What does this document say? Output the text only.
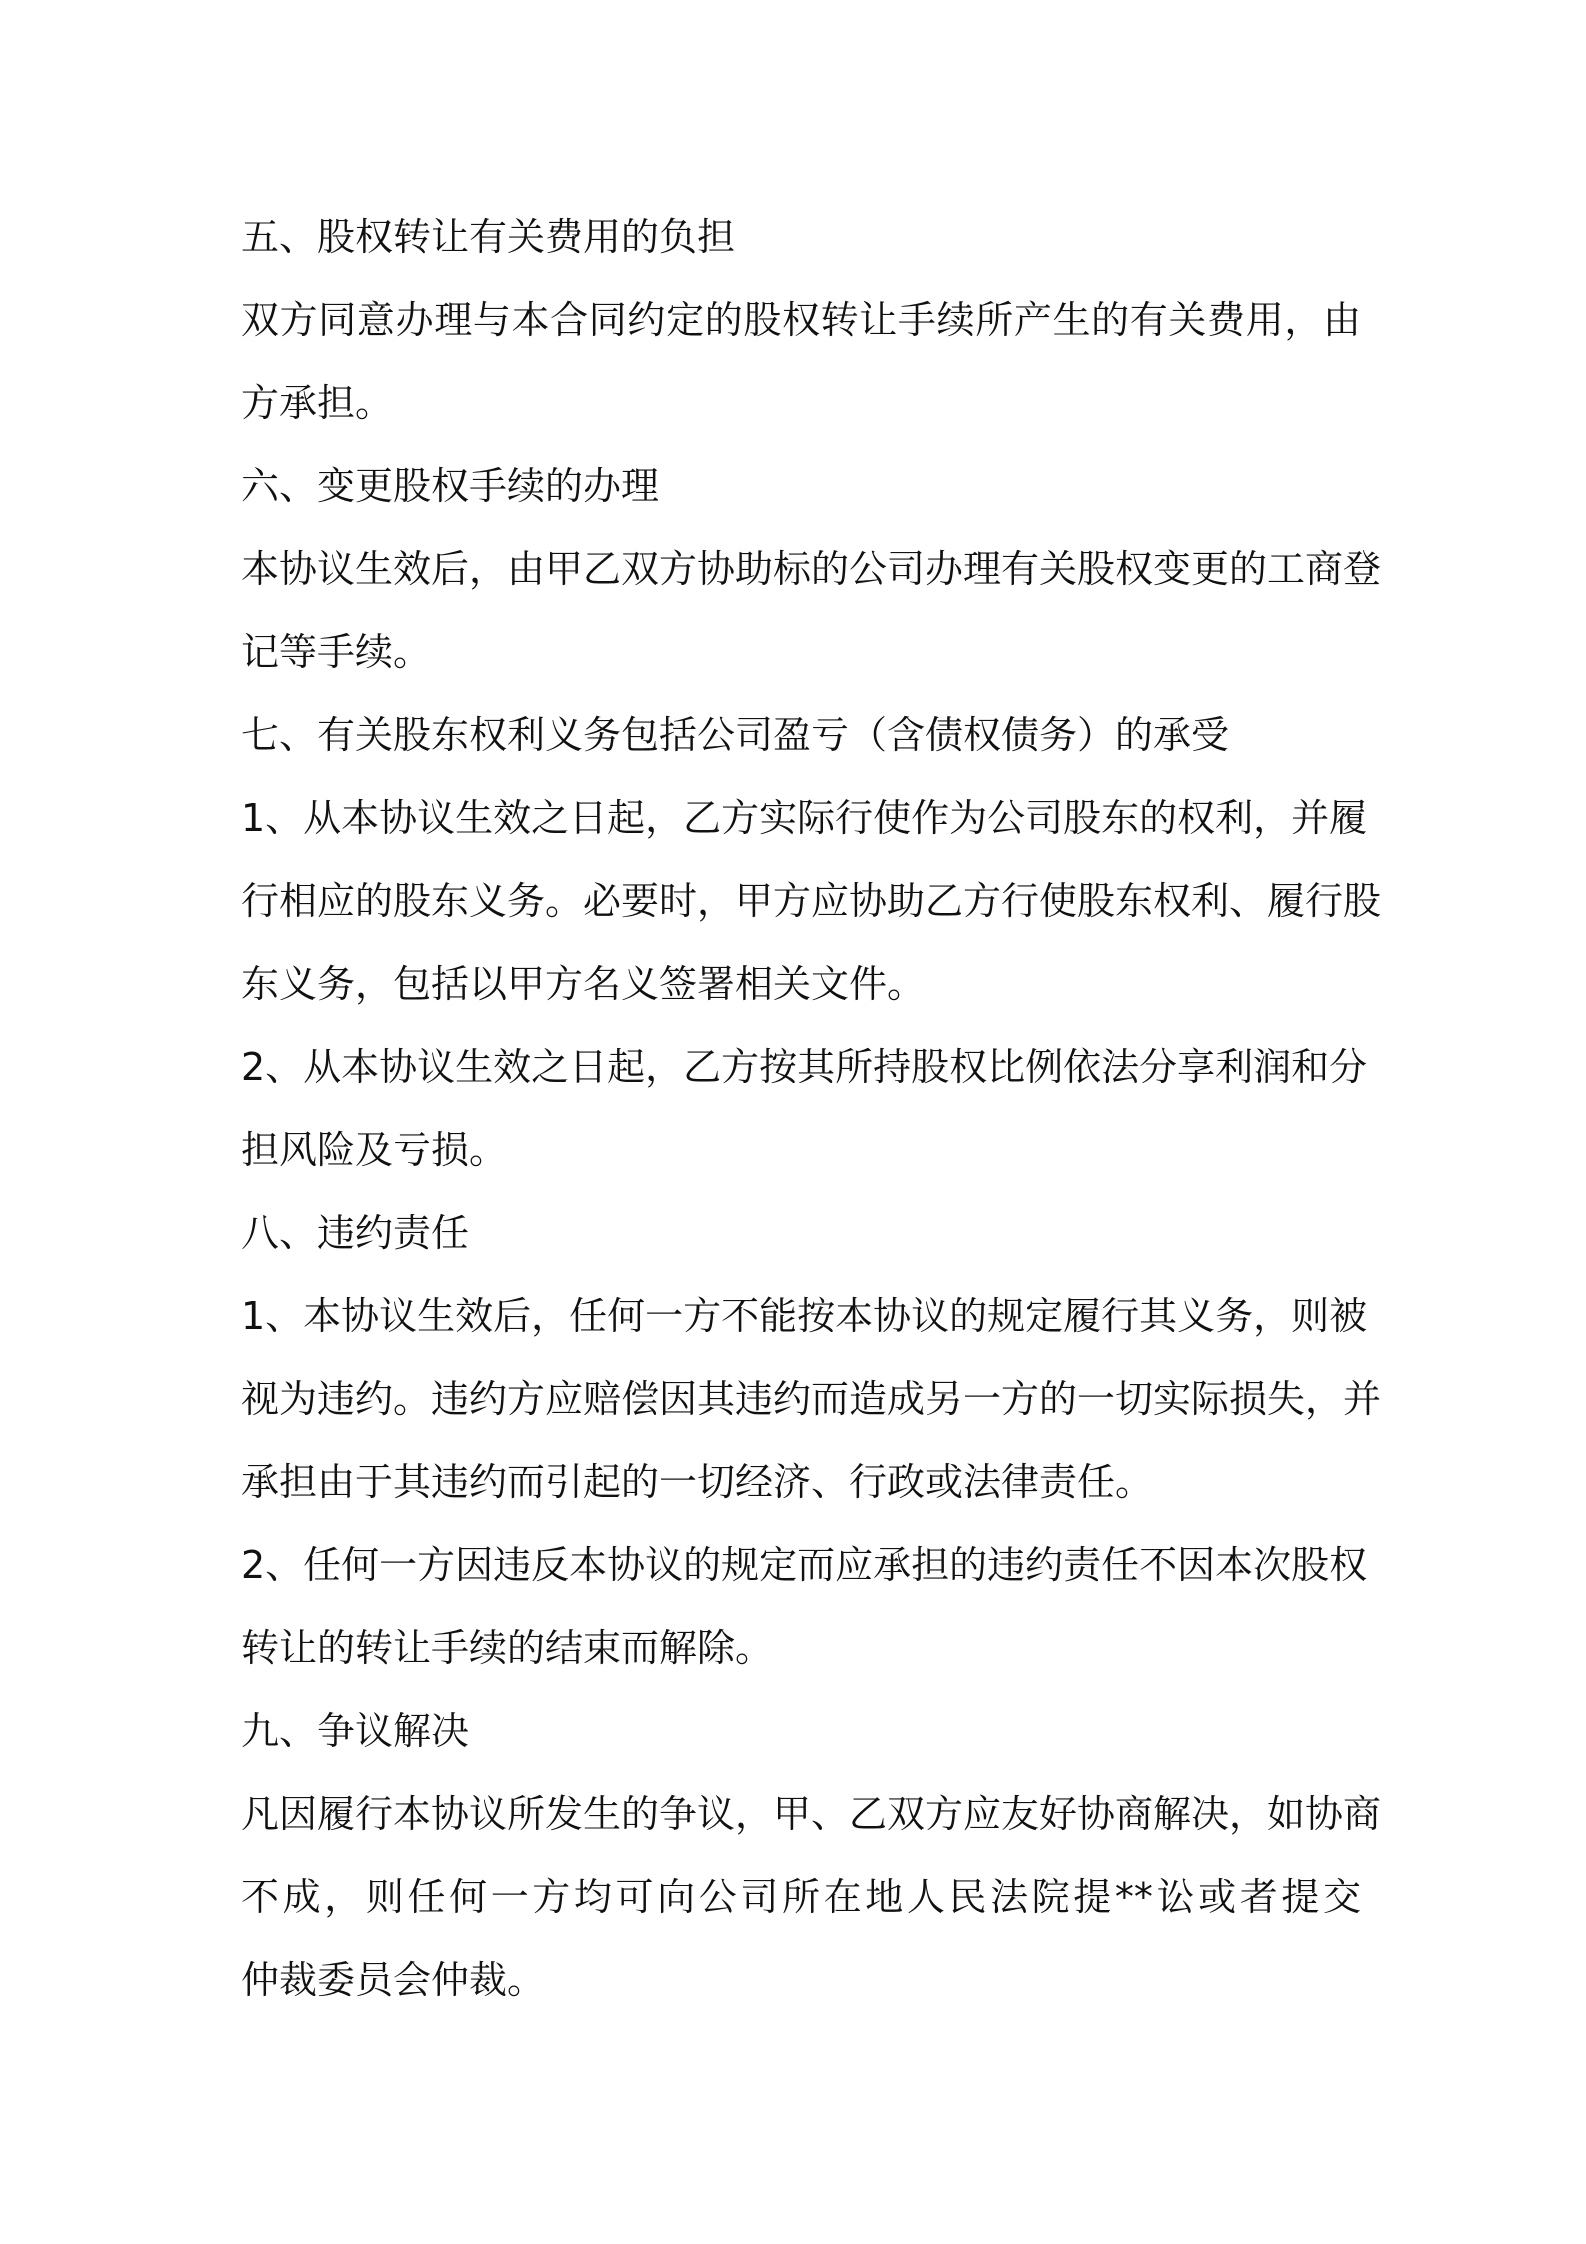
五、股权转让有关费用的负担
双方同意办理与本合同约定的股权转让手续所产生的有关费用，由
方承担。
六、变更股权手续的办理
本协议生效后，由甲乙双方协助标的公司办理有关股权变更的工商登
记等手续。
七、有关股东权利义务包括公司盈亏（含债权债务）的承受
1、从本协议生效之日起，乙方实际行使作为公司股东的权利，并履
行相应的股东义务。必要时，甲方应协助乙方行使股东权利、履行股
东义务，包括以甲方名义签署相关文件。
2、从本协议生效之日起，乙方按其所持股权比例依法分享利润和分
担风险及亏损。
八、违约责任
1、本协议生效后，任何一方不能按本协议的规定履行其义务，则被
视为违约。违约方应赔偿因其违约而造成另一方的一切实际损失，并
承担由于其违约而引起的一切经济、行政或法律责任。
2、任何一方因违反本协议的规定而应承担的违约责任不因本次股权
转让的转让手续的结束而解除。
九、争议解决
凡因履行本协议所发生的争议，甲、乙双方应友好协商解决，如协商
不成，则任何一方均可向公司所在地人民法院提**讼或者提交
仲裁委员会仲裁。
